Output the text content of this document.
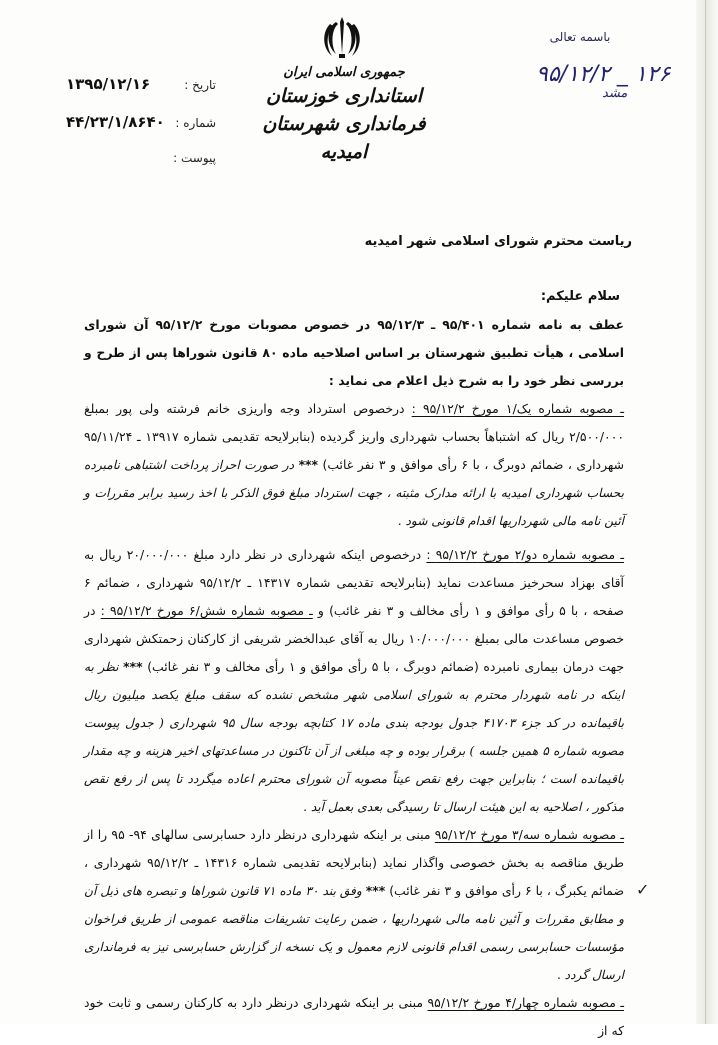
جمهوری اسلامی ایران
استانداری خوزستان
فرمانداری شهرستان امیدیه
تاریخ :
۱۳۹۵/۱۲/۱۶
شماره :
۴۴/۲۳/۱/۸۶۴۰
پیوست :
باسمه تعالی
۹۵/۱۲/۲ _ ۱۲۶
مشد
ریاست محترم شورای اسلامی شهر امیدیه
سلام علیکم:

عطف به نامه شماره ۹۵/۴۰۱ ـ ۹۵/۱۲/۳ در خصوص مصوبات مورخ ۹۵/۱۲/۲ آن شورای اسلامی ، هیأت تطبیق شهرستان بر اساس اصلاحیه ماده ۸۰ قانون شوراها پس از طرح و بررسی نظر خود را به شرح ذیل اعلام می نماید :

ـ مصوبه شماره یک/۱ مورخ ۹۵/۱۲/۲ : درخصوص استرداد وجه واریزی خانم فرشته ولی پور بمبلغ ۲/۵۰۰/۰۰۰ ریال که اشتباهاً بحساب شهرداری واریز گردیده (بنابرلایحه تقدیمی شماره ۱۳۹۱۷ ـ ۹۵/۱۱/۲۴ شهرداری ، ضمائم دوبرگ ، با ۶ رأی موافق و ۳ نفر غائب) *** در صورت احراز پرداخت اشتباهی نامبرده بحساب شهرداری امیدیه با ارائه مدارک مثبته ، جهت استرداد مبلغ فوق الذکر با اخذ رسید برابر مقررات و آئین نامه مالی شهرداریها اقدام قانونی شود .

ـ مصوبه شماره دو/۲ مورخ ۹۵/۱۲/۲ : درخصوص اینکه شهرداری در نظر دارد مبلغ ۲۰/۰۰۰/۰۰۰ ریال به آقای بهزاد سحرخیز مساعدت نماید (بنابرلایحه تقدیمی شماره ۱۴۳۱۷ ـ ۹۵/۱۲/۲ شهرداری ، ضمائم ۶ صفحه ، با ۵ رأی موافق و ۱ رأی مخالف و ۳ نفر غائب) و ـ مصوبه شماره شش/۶ مورخ ۹۵/۱۲/۲ : در خصوص مساعدت مالی بمبلغ ۱۰/۰۰۰/۰۰۰ ریال به آقای عبدالخضر شریفی از کارکنان زحمتکش شهرداری جهت درمان بیماری نامبرده (ضمائم دوبرگ ، با ۵ رأی موافق و ۱ رأی مخالف و ۳ نفر غائب) *** نظر به اینکه در نامه شهردار محترم به شورای اسلامی شهر مشخص نشده که سقف مبلغ یکصد میلیون ریال باقیمانده در کد جزء ۴۱۷۰۳ جدول بودجه بندی ماده ۱۷ کتابچه بودجه سال ۹۵ شهرداری ( جدول پیوست مصوبه شماره ۵ همین جلسه ) برقرار بوده و چه مبلغی از آن تاکنون در مساعدتهای اخیر هزینه و چه مقدار باقیمانده است ؛ بنابراین جهت رفع نقص عیناً مصوبه آن شورای محترم اعاده میگردد تا پس از رفع نقص مذکور ، اصلاحیه به این هیئت ارسال تا رسیدگی بعدی بعمل آید .

ـ مصوبه شماره سه/۳ مورخ ۹۵/۱۲/۲ مبنی بر اینکه شهرداری درنظر دارد حسابرسی سالهای ۹۴- ۹۵ را از طریق مناقصه به بخش خصوصی واگذار نماید (بنابرلایحه تقدیمی شماره ۱۴۳۱۶ ـ ۹۵/۱۲/۲ شهرداری ، ضمائم یکبرگ ، با ۶ رأی موافق و ۳ نفر غائب) *** وفق بند ۳۰ ماده ۷۱ قانون شوراها و تبصره های ذیل آن و مطابق مقررات و آئین نامه مالی شهرداریها ، ضمن رعایت تشریفات مناقصه عمومی از طریق فراخوان مؤسسات حسابرسی رسمی اقدام قانونی لازم معمول و یک نسخه از گزارش حسابرسی نیز به فرمانداری ارسال گردد .

ـ مصوبه شماره چهار/۴ مورخ ۹۵/۱۲/۲ مبنی بر اینکه شهرداری درنظر دارد به کارکنان رسمی و ثابت خود که از

✓
